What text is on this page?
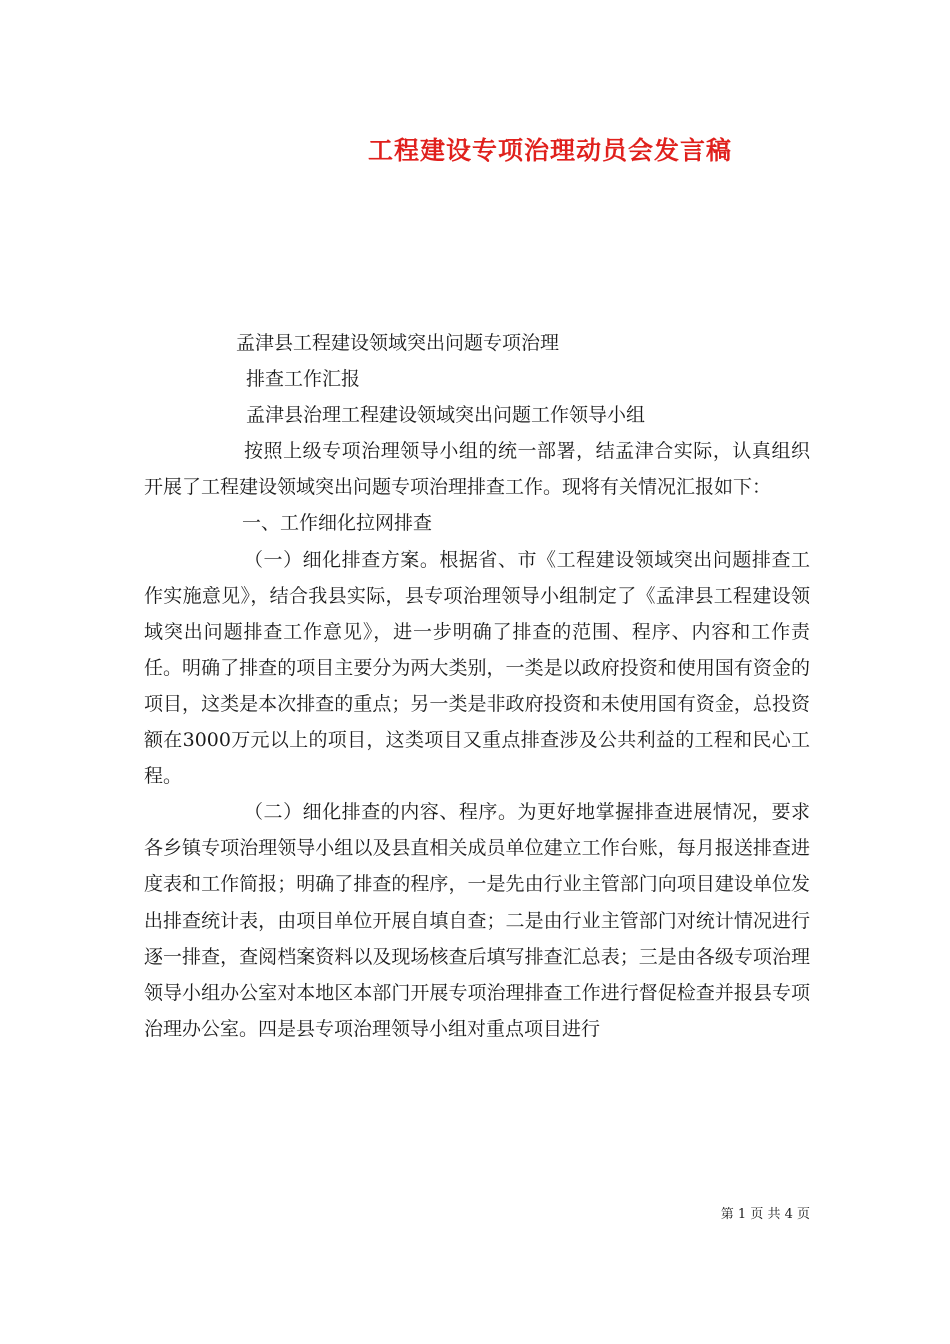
工程建设专项治理动员会发言稿

孟津县工程建设领域突出问题专项治理

排查工作汇报

孟津县治理工程建设领域突出问题工作领导小组

按照上级专项治理领导小组的统一部署，结孟津合实际，认真组织开展了工程建设领域突出问题专项治理排查工作。现将有关情况汇报如下：

一、工作细化拉网排查

（一）细化排查方案。根据省、市《工程建设领域突出问题排查工作实施意见》，结合我县实际，县专项治理领导小组制定了《孟津县工程建设领域突出问题排查工作意见》，进一步明确了排查的范围、程序、内容和工作责任。明确了排查的项目主要分为两大类别，一类是以政府投资和使用国有资金的项目，这类是本次排查的重点；另一类是非政府投资和未使用国有资金，总投资额在3000万元以上的项目，这类项目又重点排查涉及公共利益的工程和民心工程。

（二）细化排查的内容、程序。为更好地掌握排查进展情况，要求各乡镇专项治理领导小组以及县直相关成员单位建立工作台账，每月报送排查进度表和工作简报；明确了排查的程序，一是先由行业主管部门向项目建设单位发出排查统计表，由项目单位开展自填自查；二是由行业主管部门对统计情况进行逐一排查，查阅档案资料以及现场核查后填写排查汇总表；三是由各级专项治理领导小组办公室对本地区本部门开展专项治理排查工作进行督促检查并报县专项治理办公室。四是县专项治理领导小组对重点项目进行

第 1 页 共 4 页
